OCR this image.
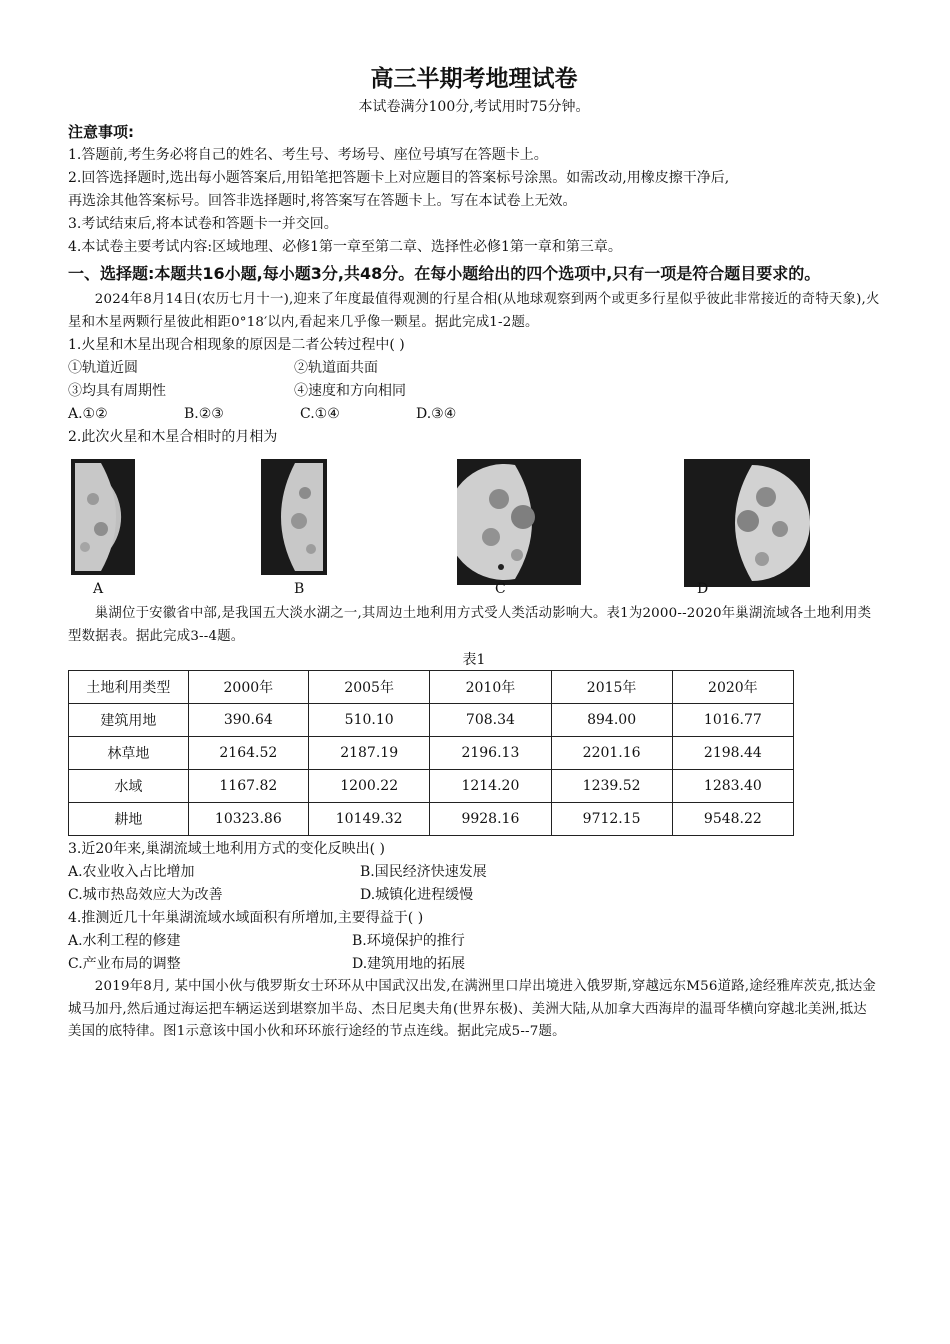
高三半期考地理试卷
本试卷满分100分,考试用时75分钟。
注意事项:
1.答题前,考生务必将自己的姓名、考生号、考场号、座位号填写在答题卡上。
2.回答选择题时,选出每小题答案后,用铅笔把答题卡上对应题目的答案标号涂黑。如需改动,用橡皮擦干净后,
再选涂其他答案标号。回答非选择题时,将答案写在答题卡上。写在本试卷上无效。
3.考试结束后,将本试卷和答题卡一并交回。
4.本试卷主要考试内容:区域地理、必修1第一章至第二章、选择性必修1第一章和第三章。
一、选择题:本题共16小题,每小题3分,共48分。在每小题给出的四个选项中,只有一项是符合题目要求的。
2024年8月14日(农历七月十一),迎来了年度最值得观测的行星合相(从地球观察到两个或更多行星似乎彼此非常接近的奇特天象),火星和木星两颗行星彼此相距0°18′以内,看起来几乎像一颗星。据此完成1-2题。
1.火星和木星出现合相现象的原因是二者公转过程中( )
①轨道近圆	②轨道面共面
③均具有周期性	④速度和方向相同
A.①②	B.②③	C.①④	D.③④
2.此次火星和木星合相时的月相为
A	B	C	D
巢湖位于安徽省中部,是我国五大淡水湖之一,其周边土地利用方式受人类活动影响大。表1为2000--2020年巢湖流域各土地利用类型数据表。据此完成3--4题。
表1
土地利用类型	2000年	2005年	2010年	2015年	2020年
建筑用地	390.64	510.10	708.34	894.00	1016.77
林草地	2164.52	2187.19	2196.13	2201.16	2198.44
水域	1167.82	1200.22	1214.20	1239.52	1283.40
耕地	10323.86	10149.32	9928.16	9712.15	9548.22
3.近20年来,巢湖流域土地利用方式的变化反映出( )
A.农业收入占比增加	B.国民经济快速发展
C.城市热岛效应大为改善	D.城镇化进程缓慢
4.推测近几十年巢湖流域水域面积有所增加,主要得益于( )
A.水利工程的修建	B.环境保护的推行
C.产业布局的调整	D.建筑用地的拓展
2019年8月, 某中国小伙与俄罗斯女士环环从中国武汉出发,在满洲里口岸出境进入俄罗斯,穿越远东M56道路,途经雅库茨克,抵达金城马加丹,然后通过海运把车辆运送到堪察加半岛、杰日尼奥夫角(世界东极)、美洲大陆,从加拿大西海岸的温哥华横向穿越北美洲,抵达美国的底特律。图1示意该中国小伙和环环旅行途经的节点连线。据此完成5--7题。
